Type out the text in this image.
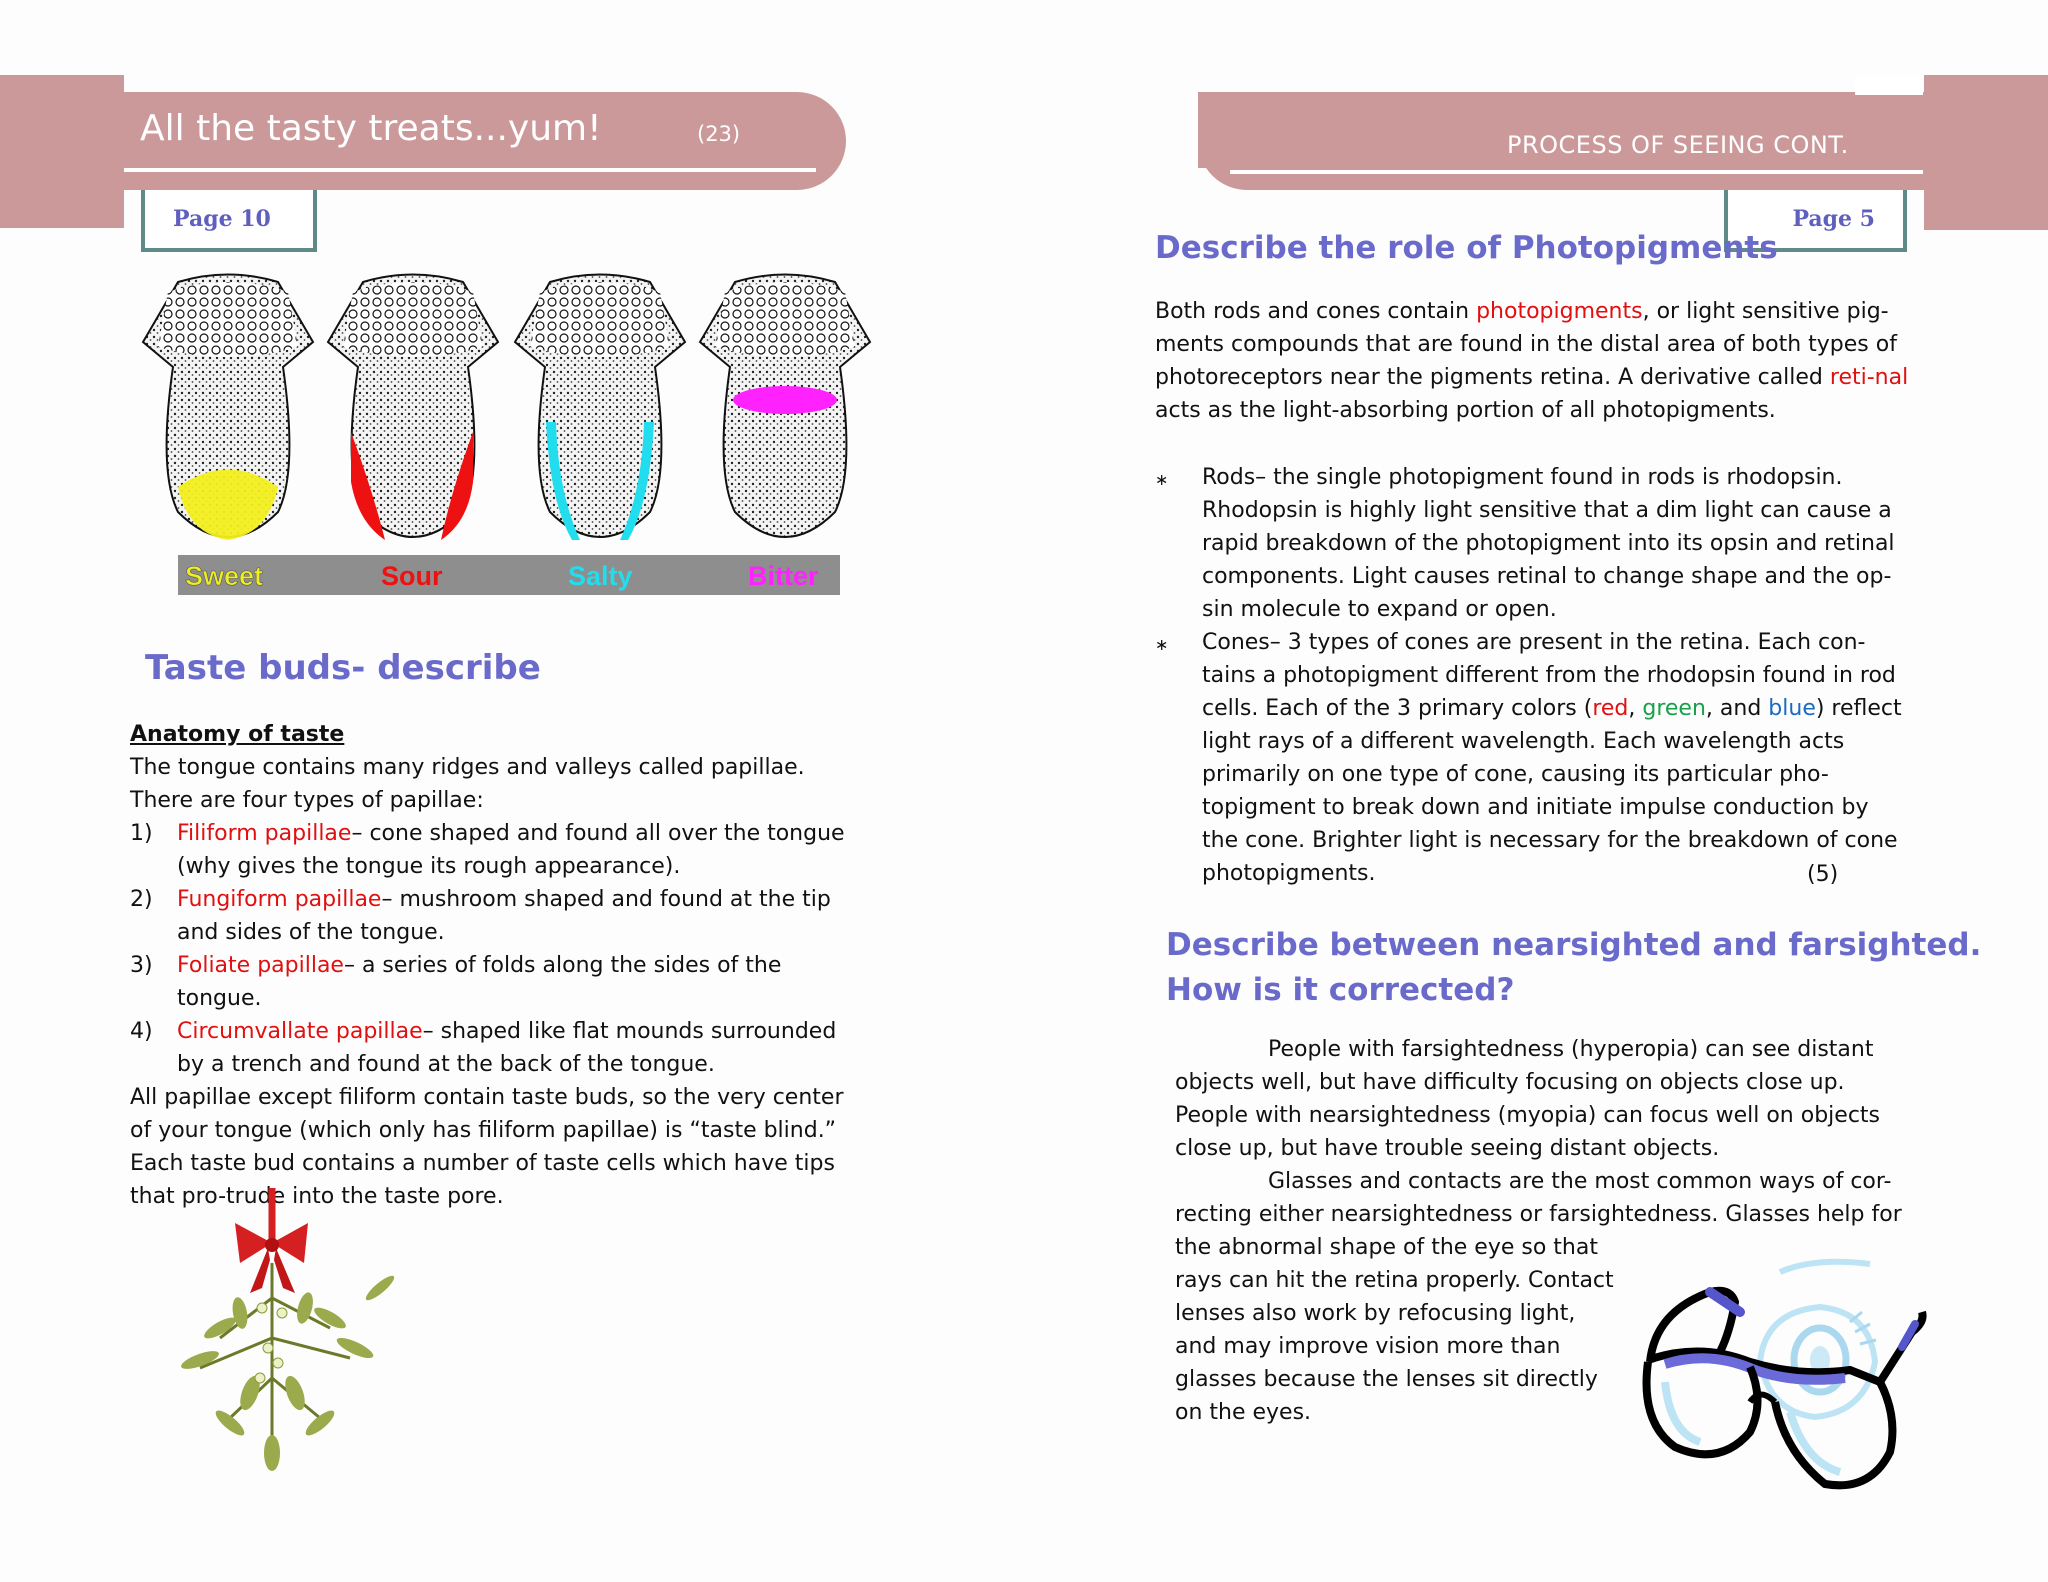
All the tasty treats...yum!	(23)
Page 10
Sweet	Sour	Salty	Bitter
Taste buds- describe
Anatomy of taste
The tongue contains many ridges and valleys called papillae. There are four types of papillae:
1) Filiform papillae– cone shaped and found all over the tongue (why gives the tongue its rough appearance).
2) Fungiform papillae– mushroom shaped and found at the tip and sides of the tongue.
3) Foliate papillae– a series of folds along the sides of the tongue.
4) Circumvallate papillae– shaped like flat mounds surrounded by a trench and found at the back of the tongue.
All papillae except filiform contain taste buds, so the very center of your tongue (which only has filiform papillae) is “taste blind.” Each taste bud contains a number of taste cells which have tips that pro-trude into the taste pore.
PROCESS OF SEEING CONT.
Page 5
Describe the role of Photopigments
Both rods and cones contain photopigments, or light sensitive pig-ments compounds that are found in the distal area of both types of photoreceptors near the pigments retina. A derivative called reti-nal acts as the light-absorbing portion of all photopigments.
∗ Rods– the single photopigment found in rods is rhodopsin. Rhodopsin is highly light sensitive that a dim light can cause a rapid breakdown of the photopigment into its opsin and retinal components. Light causes retinal to change shape and the op-sin molecule to expand or open.
∗ Cones– 3 types of cones are present in the retina. Each con-tains a photopigment different from the rhodopsin found in rod cells. Each of the 3 primary colors (red, green, and blue) reflect light rays of a different wavelength. Each wavelength acts primarily on one type of cone, causing its particular pho-topigment to break down and initiate impulse conduction by the cone. Brighter light is necessary for the breakdown of cone photopigments.	(5)
Describe between nearsighted and farsighted.
How is it corrected?
People with farsightedness (hyperopia) can see distant objects well, but have difficulty focusing on objects close up. People with nearsightedness (myopia) can focus well on objects close up, but have trouble seeing distant objects.
Glasses and contacts are the most common ways of cor-recting either nearsightedness or farsightedness. Glasses help for
the abnormal shape of the eye so that rays can hit the retina properly. Contact lenses also work by refocusing light, and may improve vision more than glasses because the lenses sit directly on the eyes.
